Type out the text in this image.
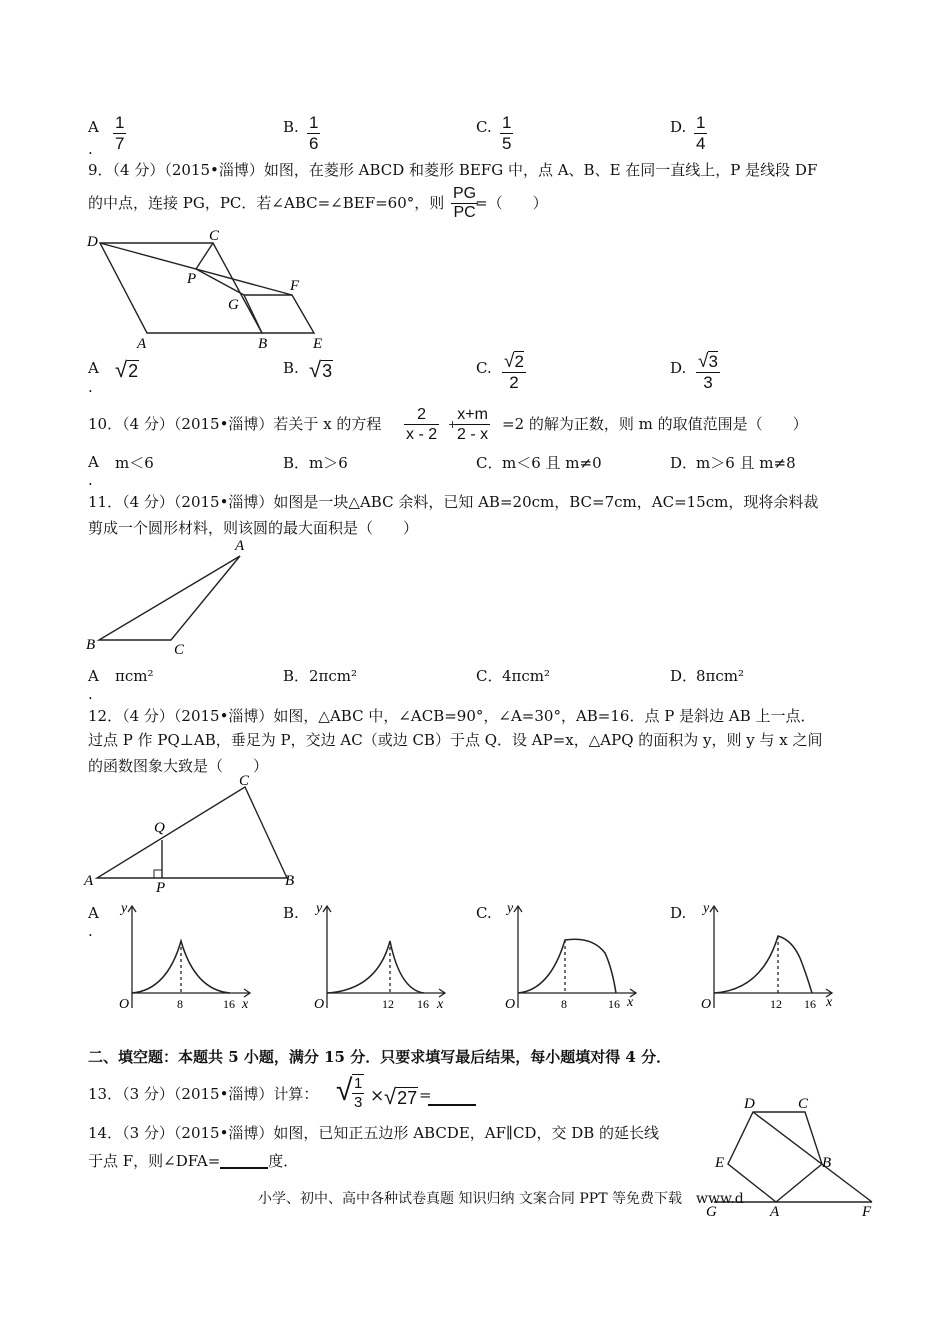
A
. $\frac{1}{7}$	B. $\frac{1}{6}$	C. $\frac{1}{5}$	D. $\frac{1}{4}$
9．（4 分）（2015•淄博）如图，在菱形 ABCD 和菱形 BEFG 中，点 A、B、E 在同一直线上，P 是线段 DF
的中点，连接 PG，PC．若∠ABC=∠BEF=60°，则 $\frac{PG}{PC}$
=（　　）
D	C
P
G
F
A	B	E
A
.
√2	B. √3	C. $\frac{√2}{2}$	D. $\frac{√3}{3}$
10．（4 分）（2015•淄博）若关于 x 的方程 $\frac{2}{x - 2}$ +
$\frac{x+m}{2 - x} =2$ 的解为正数，则 m 的取值范围是（　　）
A
.
m＜6	B． m＞6	C． m＜6 且 m≠0	D．
m＞6 且 m≠8
11．（4 分）（2015•淄博）如图是一块△ABC 余料，已知 AB=20cm，BC=7cm，AC=15cm，现将余料裁
剪成一个圆形材料，则该圆的最大面积是（　　）
A
B	C
A
.
πcm²	B． 2πcm²	C． 4πcm²	D．
8πcm²
12．（4 分）（2015•淄博）如图，△ABC 中，∠ACB=90°，∠A=30°，AB=16．点 P 是斜边 AB 上一点．
过点 P 作 PQ⊥AB，垂足为 P，交边 AC（或边 CB）于点 Q．设 AP=x，△APQ 的面积为 y，则 y 与 x 之间
的函数图象大致是（　　）
A	B
C
Q
P
A
.
y
x
O	8	16
B. y
x
O	12 16
C. y
x
O	8	16
D. y
x
O	12 16
二、填空题：本题共 5 小题，满分 15 分．只要求填写最后结果，每小题填对得 4 分．
13．（3 分）（2015•淄博）计算： √ $\frac{1}{3} \times √27$ =
14．（3 分）（2015•淄博）如图，已知正五边形 ABCDE，AF∥CD，交 DB 的延长线
于点 F，则∠DFA=	度．
D	C
E	B
G	A	F
小学、初中、高中各种试卷真题 知识归纳 文案合同 PPT 等免费下载　www.d
